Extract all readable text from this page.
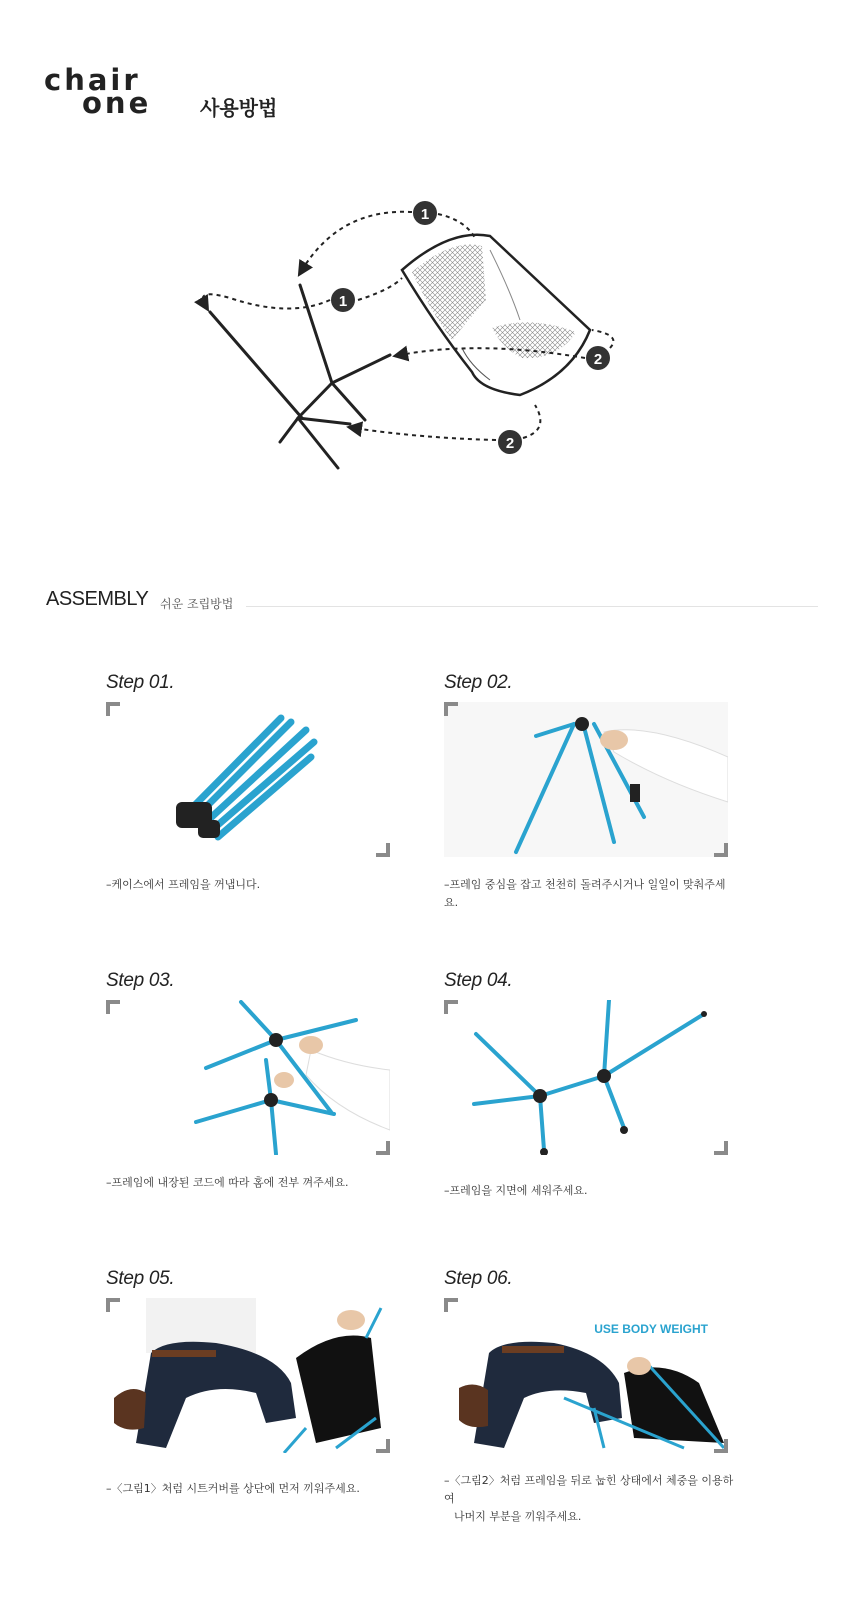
chair
one 사용방법
1
1
2
2
ASSEMBLY 쉬운 조립방법
Step 01.
–케이스에서 프레임을 꺼냅니다.
Step 02.
–프레임 중심을 잡고 천천히 돌려주시거나 일일이 맞춰주세요.
Step 03.
–프레임에 내장된 코드에 따라 홈에 전부 껴주세요.
Step 04.
–프레임을 지면에 세워주세요.
Step 05.
–〈그림1〉처럼 시트커버를 상단에 먼저 끼워주세요.
Step 06.
USE BODY WEIGHT
–〈그림2〉처럼 프레임을 뒤로 눕힌 상태에서 체중을 이용하여
나머지 부분을 끼워주세요.
